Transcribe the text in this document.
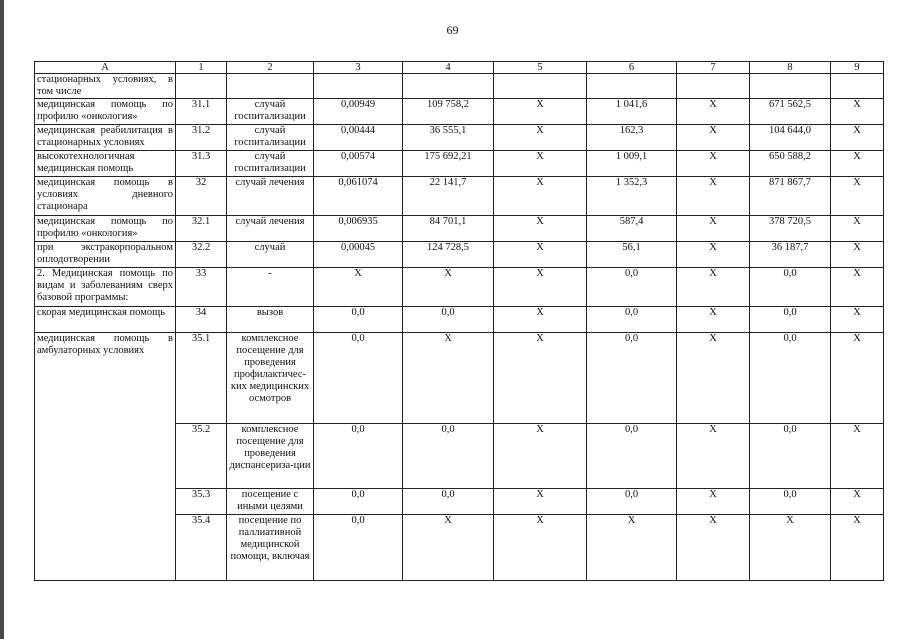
69
А	1	2	3	4	5	6	7	8	9
стационарных условиях, в том числе									
медицинская помощь по профилю «онкология»	31.1	случай госпитализации	0,00949	109 758,2	Х	1 041,6	Х	671 562,5	Х
медицинская реабилитация в стационарных условиях	31.2	случай госпитализации	0,00444	36 555,1	Х	162,3	Х	104 644,0	Х
высокотехнологичная медицинская помощь	31.3	случай госпитализации	0,00574	175 692,21	Х	1 009,1	Х	650 588,2	Х
медицинская помощь в условиях дневного стационара	32	случай лечения	0,061074	22 141,7	Х	1 352,3	Х	871 867,7	Х
медицинская помощь по профилю «онкология»	32.1	случай лечения	0,006935	84 701,1	Х	587,4	Х	378 720,5	Х
при экстракорпоральном оплодотворении	32.2	случай	0,00045	124 728,5	Х	56,1	Х	36 187,7	Х
2. Медицинская помощь по видам и заболеваниям сверх базовой программы:	33	-	Х	Х	Х	0,0	Х	0,0	Х
скорая медицинская помощь	34	вызов	0,0	0,0	Х	0,0	Х	0,0	Х
медицинская помощь в амбулаторных условиях	35.1	комплексное посещение для проведения профилактичес-ких медицинских осмотров	0,0	Х	Х	0,0	Х	0,0	Х
	35.2	комплексное посещение для проведения диспансериза-ции	0,0	0,0	Х	0,0	Х	0,0	Х
	35.3	посещение с иными целями	0,0	0,0	Х	0,0	Х	0,0	Х
	35.4	посещение по паллиативной медицинской помощи, включая	0,0	Х	Х	Х	Х	Х	Х
